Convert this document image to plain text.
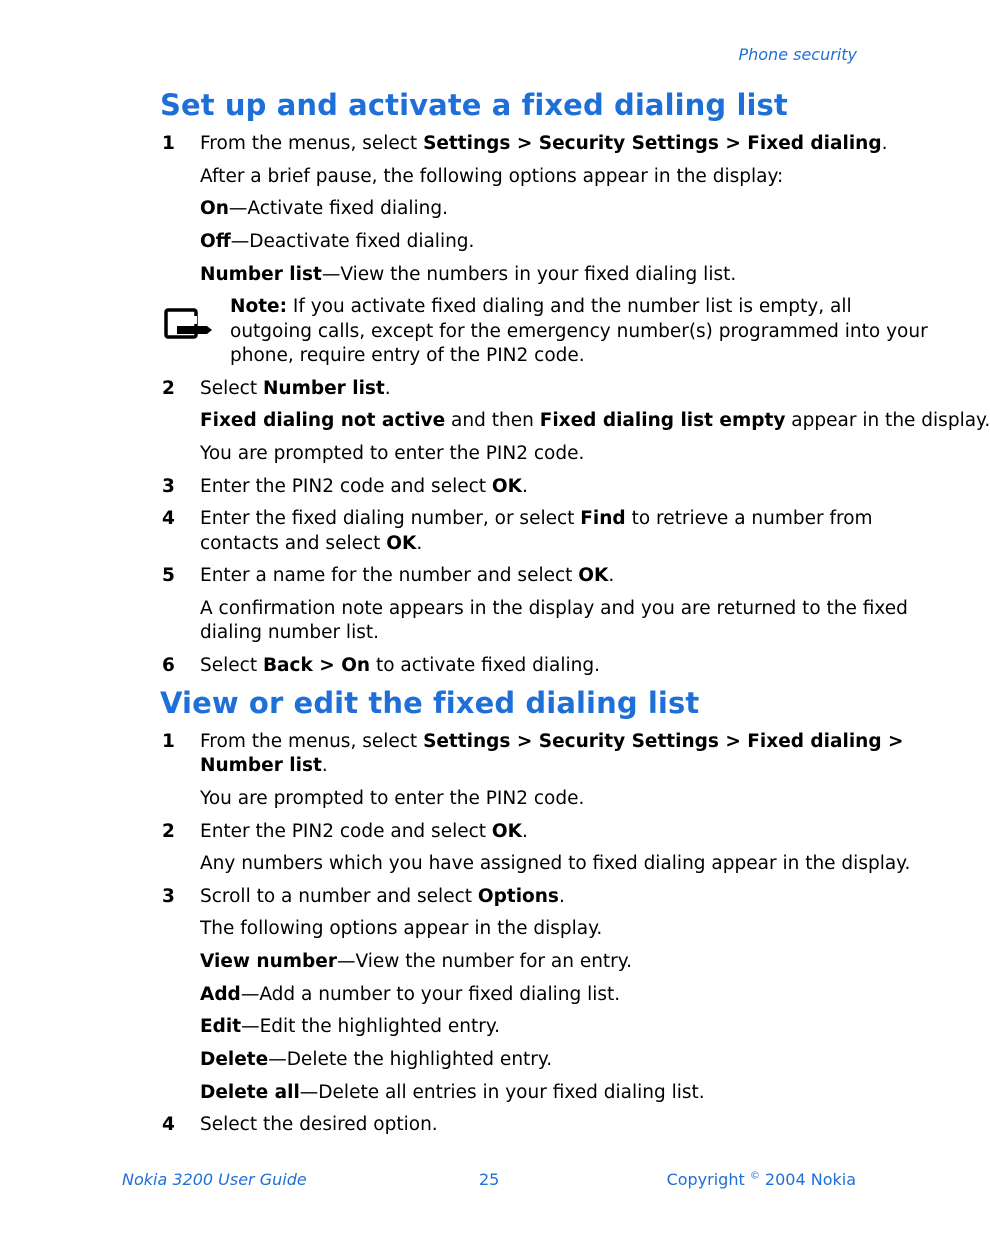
Phone security
Set up and activate a fixed dialing list
1 From the menus, select Settings > Security Settings > Fixed dialing.
After a brief pause, the following options appear in the display:
On—Activate fixed dialing.
Off—Deactivate fixed dialing.
Number list—View the numbers in your fixed dialing list.
Note: If you activate fixed dialing and the number list is empty, all
outgoing calls, except for the emergency number(s) programmed into your
phone, require entry of the PIN2 code.
2 Select Number list.
Fixed dialing not active and then Fixed dialing list empty appear in the display.
You are prompted to enter the PIN2 code.
3 Enter the PIN2 code and select OK.
4 Enter the fixed dialing number, or select Find to retrieve a number from
contacts and select OK.
5 Enter a name for the number and select OK.
A confirmation note appears in the display and you are returned to the fixed
dialing number list.
6 Select Back > On to activate fixed dialing.
View or edit the fixed dialing list
1 From the menus, select Settings > Security Settings > Fixed dialing >
Number list.
You are prompted to enter the PIN2 code.
2 Enter the PIN2 code and select OK.
Any numbers which you have assigned to fixed dialing appear in the display.
3 Scroll to a number and select Options.
The following options appear in the display.
View number—View the number for an entry.
Add—Add a number to your fixed dialing list.
Edit—Edit the highlighted entry.
Delete—Delete the highlighted entry.
Delete all—Delete all entries in your fixed dialing list.
4 Select the desired option.
Nokia 3200 User Guide	25	Copyright © 2004 Nokia
